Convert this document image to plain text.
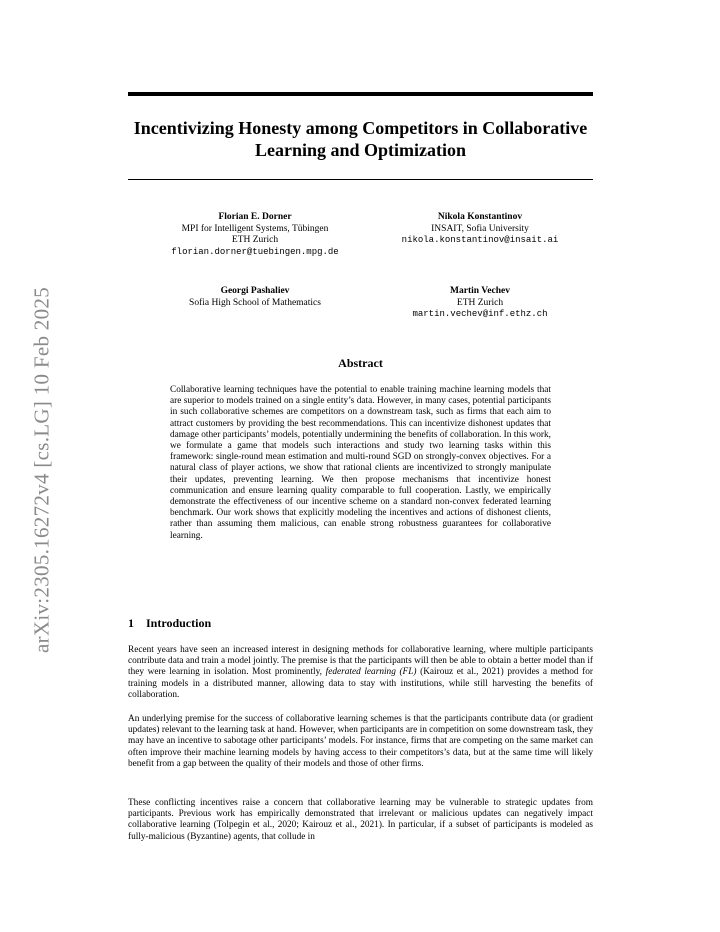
arXiv:2305.16272v4 [cs.LG] 10 Feb 2025
Incentivizing Honesty among Competitors in Collaborative Learning and Optimization
Florian E. Dorner
MPI for Intelligent Systems, Tübingen
ETH Zurich
florian.dorner@tuebingen.mpg.de
Nikola Konstantinov
INSAIT, Sofia University
nikola.konstantinov@insait.ai
Georgi Pashaliev
Sofia High School of Mathematics
Martin Vechev
ETH Zurich
martin.vechev@inf.ethz.ch
Abstract

Collaborative learning techniques have the potential to enable training machine learning models that are superior to models trained on a single entity’s data. However, in many cases, potential participants in such collaborative schemes are competitors on a downstream task, such as firms that each aim to attract customers by providing the best recommendations. This can incentivize dishonest updates that damage other participants’ models, potentially undermining the benefits of collaboration. In this work, we formulate a game that models such interactions and study two learning tasks within this framework: single-round mean estimation and multi-round SGD on strongly-convex objectives. For a natural class of player actions, we show that rational clients are incentivized to strongly manipulate their updates, preventing learning. We then propose mechanisms that incentivize honest communication and ensure learning quality comparable to full cooperation. Lastly, we empirically demonstrate the effectiveness of our incentive scheme on a standard non-convex federated learning benchmark. Our work shows that explicitly modeling the incentives and actions of dishonest clients, rather than assuming them malicious, can enable strong robustness guarantees for collaborative learning.

1 Introduction

Recent years have seen an increased interest in designing methods for collaborative learning, where multiple participants contribute data and train a model jointly. The premise is that the participants will then be able to obtain a better model than if they were learning in isolation. Most prominently, federated learning (FL) (Kairouz et al., 2021) provides a method for training models in a distributed manner, allowing data to stay with institutions, while still harvesting the benefits of collaboration.

An underlying premise for the success of collaborative learning schemes is that the participants contribute data (or gradient updates) relevant to the learning task at hand. However, when participants are in competition on some downstream task, they may have an incentive to sabotage other participants’ models. For instance, firms that are competing on the same market can often improve their machine learning models by having access to their competitors’s data, but at the same time will likely benefit from a gap between the quality of their models and those of other firms.

These conflicting incentives raise a concern that collaborative learning may be vulnerable to strategic updates from participants. Previous work has empirically demonstrated that irrelevant or malicious updates can negatively impact collaborative learning (Tolpegin et al., 2020; Kairouz et al., 2021). In particular, if a subset of participants is modeled as fully-malicious (Byzantine) agents, that collude in
